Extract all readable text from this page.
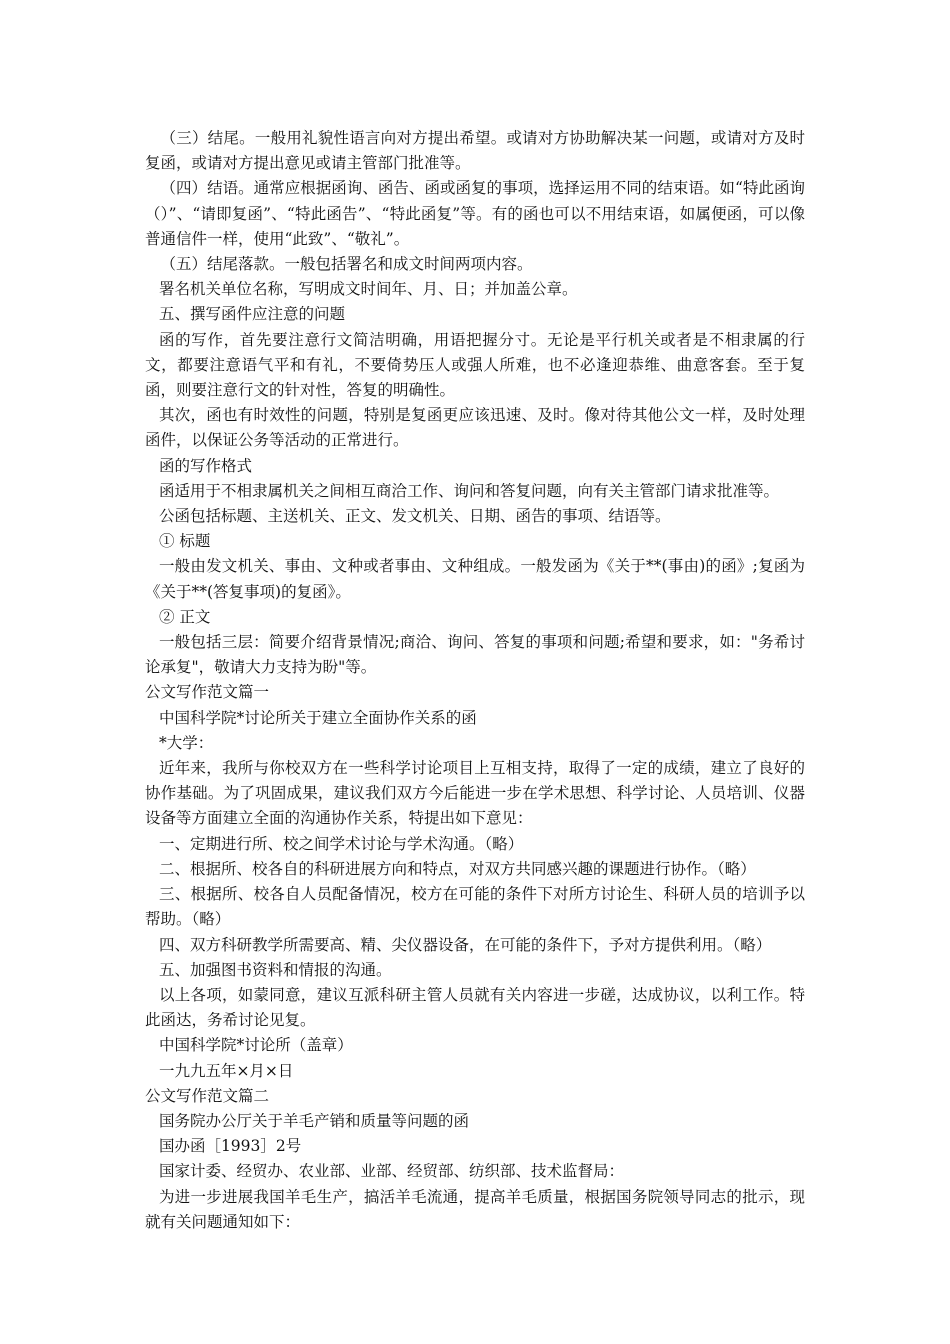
（三）结尾。一般用礼貌性语言向对方提出希望。或请对方协助解决某一问题，或请对方及时复函，或请对方提出意见或请主管部门批准等。

（四）结语。通常应根据函询、函告、函或函复的事项，选择运用不同的结束语。如“特此函询（）”、“请即复函”、“特此函告”、“特此函复”等。有的函也可以不用结束语，如属便函，可以像普通信件一样，使用“此致”、“敬礼”。

（五）结尾落款。一般包括署名和成文时间两项内容。

署名机关单位名称，写明成文时间年、月、日；并加盖公章。

五、撰写函件应注意的问题

函的写作，首先要注意行文简洁明确，用语把握分寸。无论是平行机关或者是不相隶属的行文，都要注意语气平和有礼，不要倚势压人或强人所难，也不必逢迎恭维、曲意客套。至于复函，则要注意行文的针对性，答复的明确性。

其次，函也有时效性的问题，特别是复函更应该迅速、及时。像对待其他公文一样，及时处理函件，以保证公务等活动的正常进行。

函的写作格式

函适用于不相隶属机关之间相互商洽工作、询问和答复问题，向有关主管部门请求批准等。

公函包括标题、主送机关、正文、发文机关、日期、函告的事项、结语等。

① 标题

一般由发文机关、事由、文种或者事由、文种组成。一般发函为《关于**(事由)的函》;复函为《关于**(答复事项)的复函》。

② 正文

一般包括三层：简要介绍背景情况;商洽、询问、答复的事项和问题;希望和要求，如："务希讨论承复"，敬请大力支持为盼"等。

公文写作范文篇一

中国科学院*讨论所关于建立全面协作关系的函

*大学：

近年来，我所与你校双方在一些科学讨论项目上互相支持，取得了一定的成绩，建立了良好的协作基础。为了巩固成果，建议我们双方今后能进一步在学术思想、科学讨论、人员培训、仪器设备等方面建立全面的沟通协作关系，特提出如下意见：

一、定期进行所、校之间学术讨论与学术沟通。（略）

二、根据所、校各自的科研进展方向和特点，对双方共同感兴趣的课题进行协作。（略）

三、根据所、校各自人员配备情况，校方在可能的条件下对所方讨论生、科研人员的培训予以帮助。（略）

四、双方科研教学所需要高、精、尖仪器设备，在可能的条件下，予对方提供利用。（略）

五、加强图书资料和情报的沟通。

以上各项，如蒙同意，建议互派科研主管人员就有关内容进一步磋，达成协议，以利工作。特此函达，务希讨论见复。

中国科学院*讨论所（盖章）

一九九五年×月×日

公文写作范文篇二

国务院办公厅关于羊毛产销和质量等问题的函

国办函［1993］2号

国家计委、经贸办、农业部、业部、经贸部、纺织部、技术监督局：

为进一步进展我国羊毛生产，搞活羊毛流通，提高羊毛质量，根据国务院领导同志的批示，现就有关问题通知如下：
